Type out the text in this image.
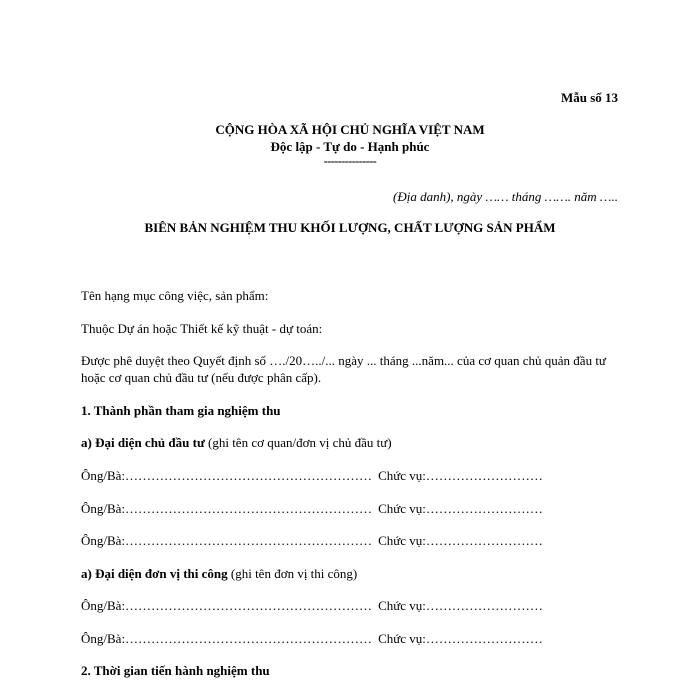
Mẫu số 13
CỘNG HÒA XÃ HỘI CHỦ NGHĨA VIỆT NAM
Độc lập - Tự do - Hạnh phúc
---------------
(Địa danh), ngày …… tháng ……. năm …..
BIÊN BẢN NGHIỆM THU KHỐI LƯỢNG, CHẤT LƯỢNG SẢN PHẨM
Tên hạng mục công việc, sản phẩm:
Thuộc Dự án hoặc Thiết kế kỹ thuật - dự toán:
Được phê duyệt theo Quyết định số …./20…../... ngày ... tháng ...năm... của cơ quan chủ quản đầu tư hoặc cơ quan chủ đầu tư (nếu được phân cấp).
1. Thành phần tham gia nghiệm thu
a) Đại diện chủ đầu tư (ghi tên cơ quan/đơn vị chủ đầu tư)
Ông/Bà:………………………………………………… Chức vụ:………………………
Ông/Bà:………………………………………………… Chức vụ:………………………
Ông/Bà:………………………………………………… Chức vụ:………………………
a) Đại diện đơn vị thi công (ghi tên đơn vị thi công)
Ông/Bà:………………………………………………… Chức vụ:………………………
Ông/Bà:………………………………………………… Chức vụ:………………………
2. Thời gian tiến hành nghiệm thu
